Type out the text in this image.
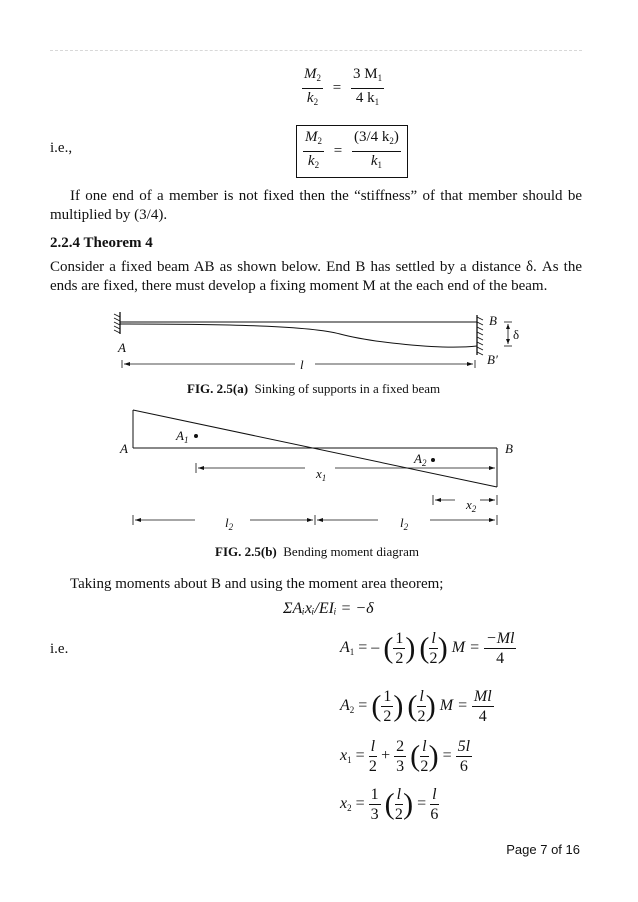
$\frac{M_2}{k_2} = \frac{3 M_1}{4 k_1}$
i.e.,	$\frac{M_2}{k_2} = \frac{(3/4 k_2)}{k_1}$
If one end of a member is not fixed then the “stiffness” of that member should be multiplied by (3/4).
2.2.4 Theorem 4
Consider a fixed beam AB as shown below. End B has settled by a distance δ. As the ends are fixed, there must develop a fixing moment M at the each end of the beam.
A
B
B′
δ
l
FIG. 2.5(a) Sinking of supports in a fixed beam
A	B
$A_1$
$A_2$
$x_1$
$x_2$
$l_2$	$l_2$
FIG. 2.5(b) Bending moment diagram
Taking moments about B and using the moment area theorem;
ΣAᵢxᵢ/EIᵢ = −δ
i.e.	$A_1$ = – ( $\frac{1}{2}$ ) ( $\frac{l}{2}$ ) $M = \frac{-Ml}{4}$
$A_2$ = ( $\frac{1}{2}$ ) ( $\frac{l}{2}$ ) $M = \frac{Ml}{4}$
$x_1 = \frac{l}{2} + \frac{2}{3}$ ( $\frac{l}{2}$ ) = $\frac{5l}{6}$
$x_2 = \frac{1}{3}$ ( $\frac{l}{2}$ ) = $\frac{l}{6}$
Page 7 of 16
